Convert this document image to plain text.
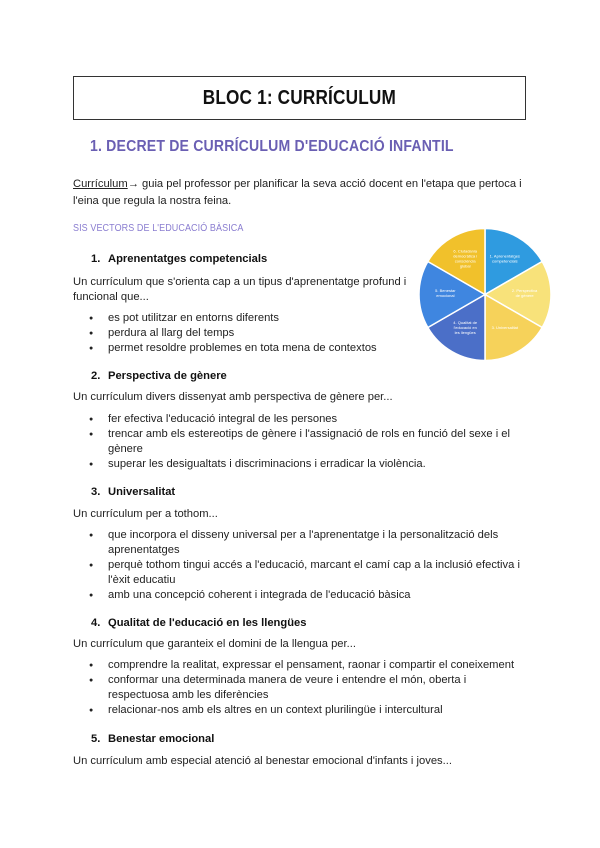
BLOC 1: CURRÍCULUM
1. DECRET DE CURRÍCULUM D'EDUCACIÓ INFANTIL
Currículum→ guia pel professor per planificar la seva acció docent en l'etapa que pertoca i l'eina que regula la nostra feina.
SIS VECTORS DE L'EDUCACIÓ BÀSICA
1. Aprenentatges competencials
Un currículum que s'orienta cap a un tipus d'aprenentatge profund i funcional que...
● es pot utilitzar en entorns diferents
● perdura al llarg del temps
● permet resoldre problemes en tota mena de contextos
1. Aprenentatges competencials
2. Perspectiva de gènere
3. Universalitat
4. Qualitat de l'educació en les llengües
5. Benestar emocional
6. Ciutadania democràtica i consciència global
2. Perspectiva de gènere
Un currículum divers dissenyat amb perspectiva de gènere per...
● fer efectiva l'educació integral de les persones
● trencar amb els estereotips de gènere i l'assignació de rols en funció del sexe i el gènere
● superar les desigualtats i discriminacions i erradicar la violència.
3. Universalitat
Un currículum per a tothom...
● que incorpora el disseny universal per a l'aprenentatge i la personalització dels aprenentatges
● perquè tothom tingui accés a l'educació, marcant el camí cap a la inclusió efectiva i l'èxit educatiu
● amb una concepció coherent i integrada de l'educació bàsica
4. Qualitat de l'educació en les llengües
Un currículum que garanteix el domini de la llengua per...
● comprendre la realitat, expressar el pensament, raonar i compartir el coneixement
● conformar una determinada manera de veure i entendre el món, oberta i respectuosa amb les diferències
● relacionar-nos amb els altres en un context plurilingüe i intercultural
5. Benestar emocional
Un currículum amb especial atenció al benestar emocional d'infants i joves...
